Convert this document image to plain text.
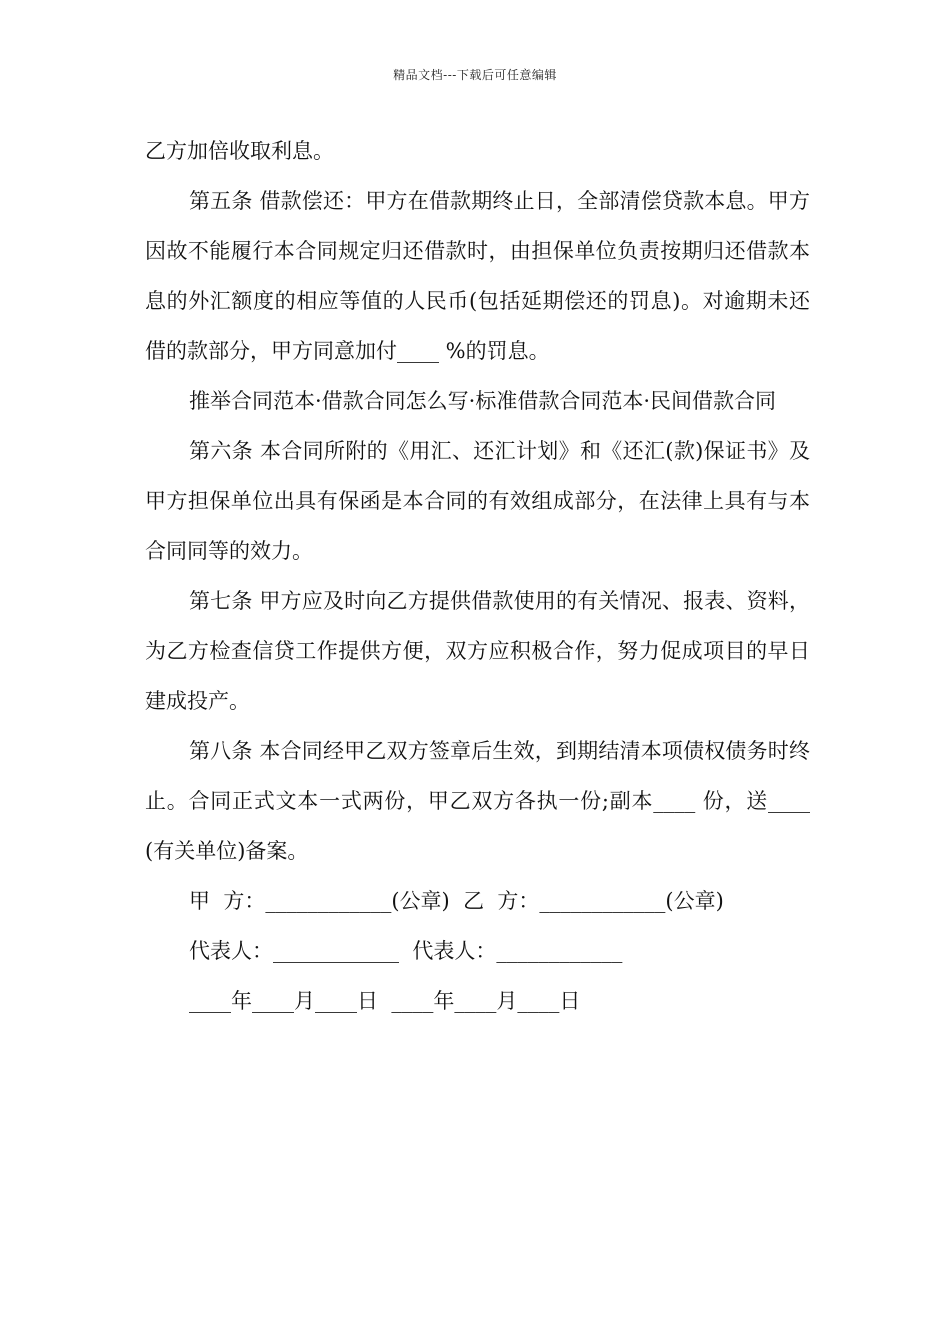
精品文档---下载后可任意编辑

乙方加倍收取利息。

第五条 借款偿还：甲方在借款期终止日，全部清偿贷款本息。甲方因故不能履行本合同规定归还借款时，由担保单位负责按期归还借款本息的外汇额度的相应等值的人民币(包括延期偿还的罚息)。对逾期未还借的款部分，甲方同意加付____ %的罚息。

推举合同范本·借款合同怎么写·标准借款合同范本·民间借款合同

第六条 本合同所附的《用汇、还汇计划》和《还汇(款)保证书》及甲方担保单位出具有保函是本合同的有效组成部分，在法律上具有与本合同同等的效力。

第七条 甲方应及时向乙方提供借款使用的有关情况、报表、资料，为乙方检查信贷工作提供方便，双方应积极合作，努力促成项目的早日建成投产。

第八条 本合同经甲乙双方签章后生效，到期结清本项债权债务时终止。合同正式文本一式两份，甲乙双方各执一份;副本____ 份，送____ (有关单位)备案。

甲  方：____________(公章)  乙  方：____________(公章)

代表人：____________  代表人：____________

____年____月____日  ____年____月____日
